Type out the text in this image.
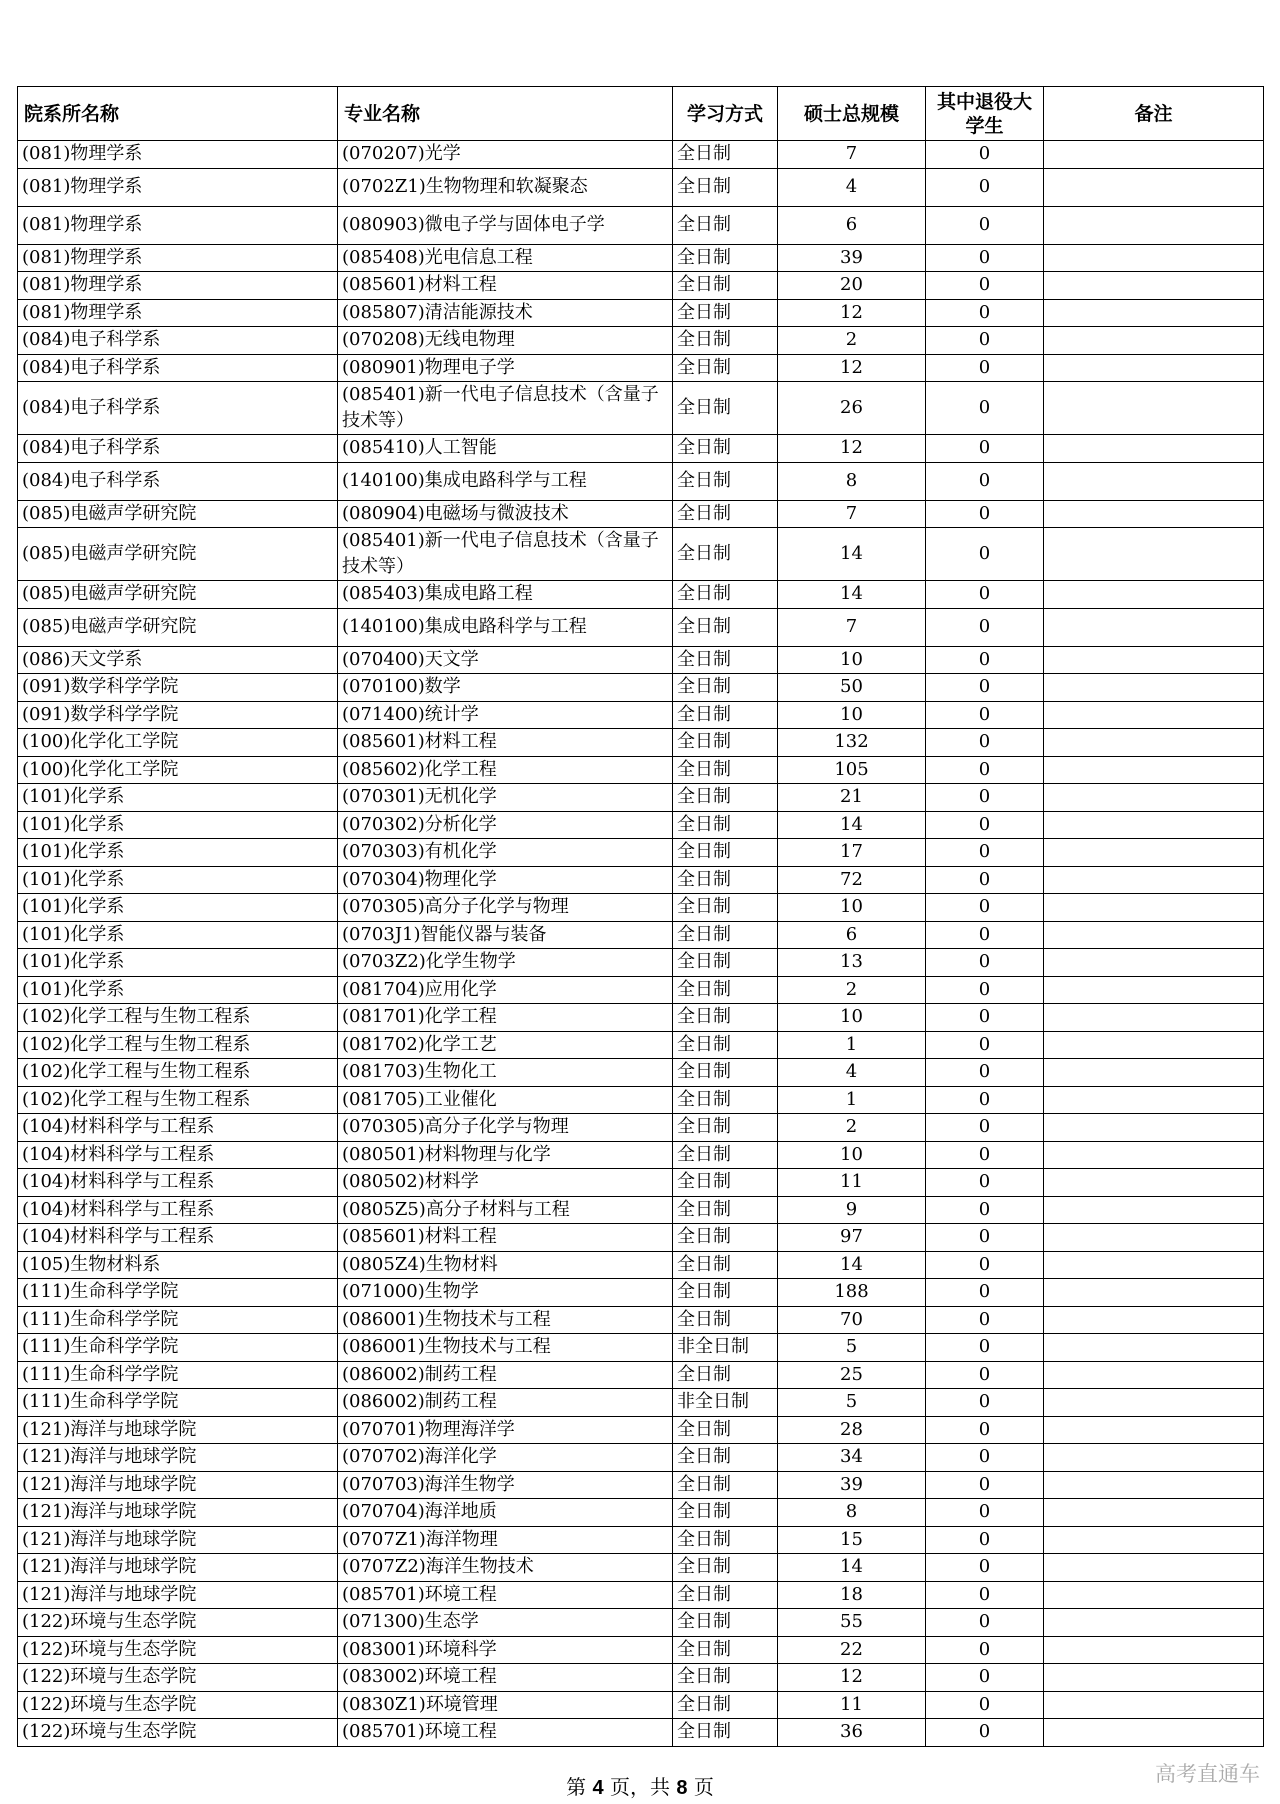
院系所名称	专业名称	学习方式	硕士总规模	其中退役大学生	备注
(081)物理学系	(070207)光学	全日制	7	0	
(081)物理学系	(0702Z1)生物物理和软凝聚态	全日制	4	0	
(081)物理学系	(080903)微电子学与固体电子学	全日制	6	0	
(081)物理学系	(085408)光电信息工程	全日制	39	0	
(081)物理学系	(085601)材料工程	全日制	20	0	
(081)物理学系	(085807)清洁能源技术	全日制	12	0	
(084)电子科学系	(070208)无线电物理	全日制	2	0	
(084)电子科学系	(080901)物理电子学	全日制	12	0	
(084)电子科学系	(085401)新一代电子信息技术（含量子技术等）	全日制	26	0	
(084)电子科学系	(085410)人工智能	全日制	12	0	
(084)电子科学系	(140100)集成电路科学与工程	全日制	8	0	
(085)电磁声学研究院	(080904)电磁场与微波技术	全日制	7	0	
(085)电磁声学研究院	(085401)新一代电子信息技术（含量子技术等）	全日制	14	0	
(085)电磁声学研究院	(085403)集成电路工程	全日制	14	0	
(085)电磁声学研究院	(140100)集成电路科学与工程	全日制	7	0	
(086)天文学系	(070400)天文学	全日制	10	0	
(091)数学科学学院	(070100)数学	全日制	50	0	
(091)数学科学学院	(071400)统计学	全日制	10	0	
(100)化学化工学院	(085601)材料工程	全日制	132	0	
(100)化学化工学院	(085602)化学工程	全日制	105	0	
(101)化学系	(070301)无机化学	全日制	21	0	
(101)化学系	(070302)分析化学	全日制	14	0	
(101)化学系	(070303)有机化学	全日制	17	0	
(101)化学系	(070304)物理化学	全日制	72	0	
(101)化学系	(070305)高分子化学与物理	全日制	10	0	
(101)化学系	(0703J1)智能仪器与装备	全日制	6	0	
(101)化学系	(0703Z2)化学生物学	全日制	13	0	
(101)化学系	(081704)应用化学	全日制	2	0	
(102)化学工程与生物工程系	(081701)化学工程	全日制	10	0	
(102)化学工程与生物工程系	(081702)化学工艺	全日制	1	0	
(102)化学工程与生物工程系	(081703)生物化工	全日制	4	0	
(102)化学工程与生物工程系	(081705)工业催化	全日制	1	0	
(104)材料科学与工程系	(070305)高分子化学与物理	全日制	2	0	
(104)材料科学与工程系	(080501)材料物理与化学	全日制	10	0	
(104)材料科学与工程系	(080502)材料学	全日制	11	0	
(104)材料科学与工程系	(0805Z5)高分子材料与工程	全日制	9	0	
(104)材料科学与工程系	(085601)材料工程	全日制	97	0	
(105)生物材料系	(0805Z4)生物材料	全日制	14	0	
(111)生命科学学院	(071000)生物学	全日制	188	0	
(111)生命科学学院	(086001)生物技术与工程	全日制	70	0	
(111)生命科学学院	(086001)生物技术与工程	非全日制	5	0	
(111)生命科学学院	(086002)制药工程	全日制	25	0	
(111)生命科学学院	(086002)制药工程	非全日制	5	0	
(121)海洋与地球学院	(070701)物理海洋学	全日制	28	0	
(121)海洋与地球学院	(070702)海洋化学	全日制	34	0	
(121)海洋与地球学院	(070703)海洋生物学	全日制	39	0	
(121)海洋与地球学院	(070704)海洋地质	全日制	8	0	
(121)海洋与地球学院	(0707Z1)海洋物理	全日制	15	0	
(121)海洋与地球学院	(0707Z2)海洋生物技术	全日制	14	0	
(121)海洋与地球学院	(085701)环境工程	全日制	18	0	
(122)环境与生态学院	(071300)生态学	全日制	55	0	
(122)环境与生态学院	(083001)环境科学	全日制	22	0	
(122)环境与生态学院	(083002)环境工程	全日制	12	0	
(122)环境与生态学院	(0830Z1)环境管理	全日制	11	0	
(122)环境与生态学院	(085701)环境工程	全日制	36	0	
第 4 页，共 8 页
高考直通车
